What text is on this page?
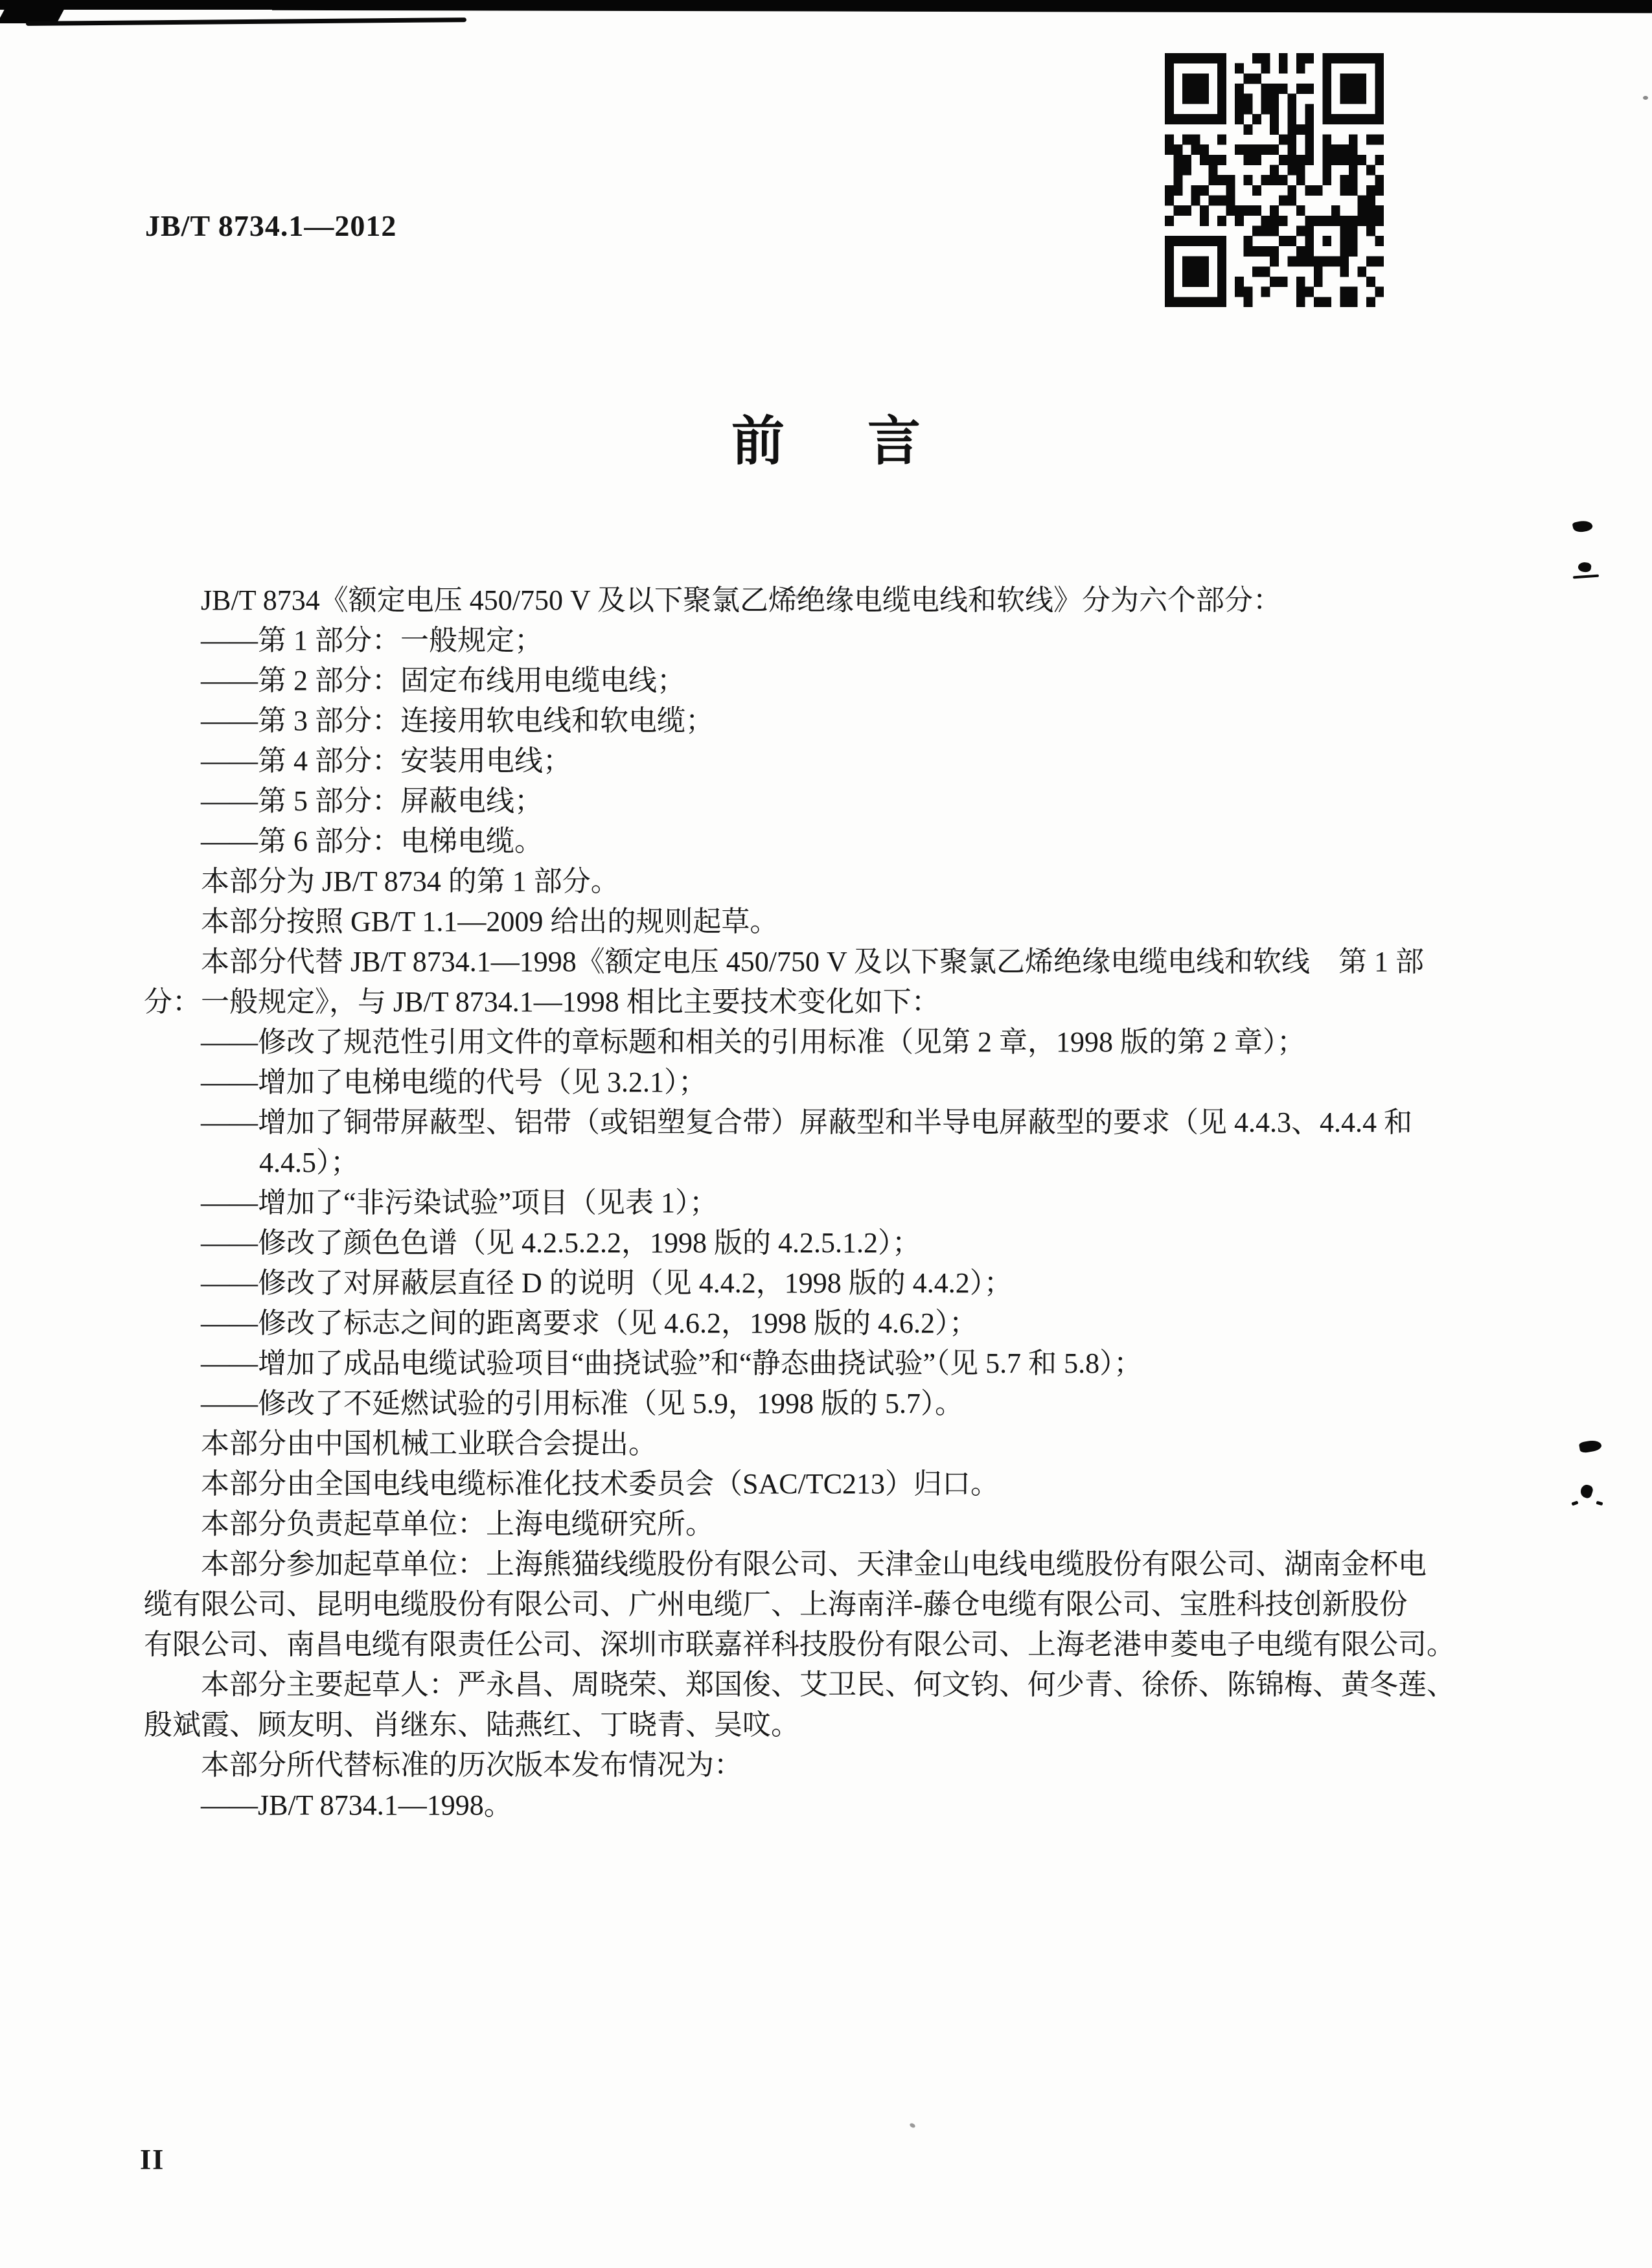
JB/T 8734.1—2012
前 言
JB/T 8734《额定电压 450/750 V 及以下聚氯乙烯绝缘电缆电线和软线》分为六个部分：
——第 1 部分：一般规定；
——第 2 部分：固定布线用电缆电线；
——第 3 部分：连接用软电线和软电缆；
——第 4 部分：安装用电线；
——第 5 部分：屏蔽电线；
——第 6 部分：电梯电缆。
本部分为 JB/T 8734 的第 1 部分。
本部分按照 GB/T 1.1—2009 给出的规则起草。
本部分代替 JB/T 8734.1—1998《额定电压 450/750 V 及以下聚氯乙烯绝缘电缆电线和软线　第 1 部
分：一般规定》，与 JB/T 8734.1—1998 相比主要技术变化如下：
——修改了规范性引用文件的章标题和相关的引用标准（见第 2 章，1998 版的第 2 章）；
——增加了电梯电缆的代号（见 3.2.1）；
——增加了铜带屏蔽型、铝带（或铝塑复合带）屏蔽型和半导电屏蔽型的要求（见 4.4.3、4.4.4 和
4.4.5）；
——增加了“非污染试验”项目（见表 1）；
——修改了颜色色谱（见 4.2.5.2.2，1998 版的 4.2.5.1.2）；
——修改了对屏蔽层直径 D 的说明（见 4.4.2，1998 版的 4.4.2）；
——修改了标志之间的距离要求（见 4.6.2，1998 版的 4.6.2）；
——增加了成品电缆试验项目“曲挠试验”和“静态曲挠试验”（见 5.7 和 5.8）；
——修改了不延燃试验的引用标准（见 5.9，1998 版的 5.7）。
本部分由中国机械工业联合会提出。
本部分由全国电线电缆标准化技术委员会（SAC/TC213）归口。
本部分负责起草单位：上海电缆研究所。
本部分参加起草单位：上海熊猫线缆股份有限公司、天津金山电线电缆股份有限公司、湖南金杯电
缆有限公司、昆明电缆股份有限公司、广州电缆厂、上海南洋-藤仓电缆有限公司、宝胜科技创新股份
有限公司、南昌电缆有限责任公司、深圳市联嘉祥科技股份有限公司、上海老港申菱电子电缆有限公司。
本部分主要起草人：严永昌、周晓荣、郑国俊、艾卫民、何文钧、何少青、徐侨、陈锦梅、黄冬莲、
殷斌霞、顾友明、肖继东、陆燕红、丁晓青、吴呅。
本部分所代替标准的历次版本发布情况为：
——JB/T 8734.1—1998。
II
